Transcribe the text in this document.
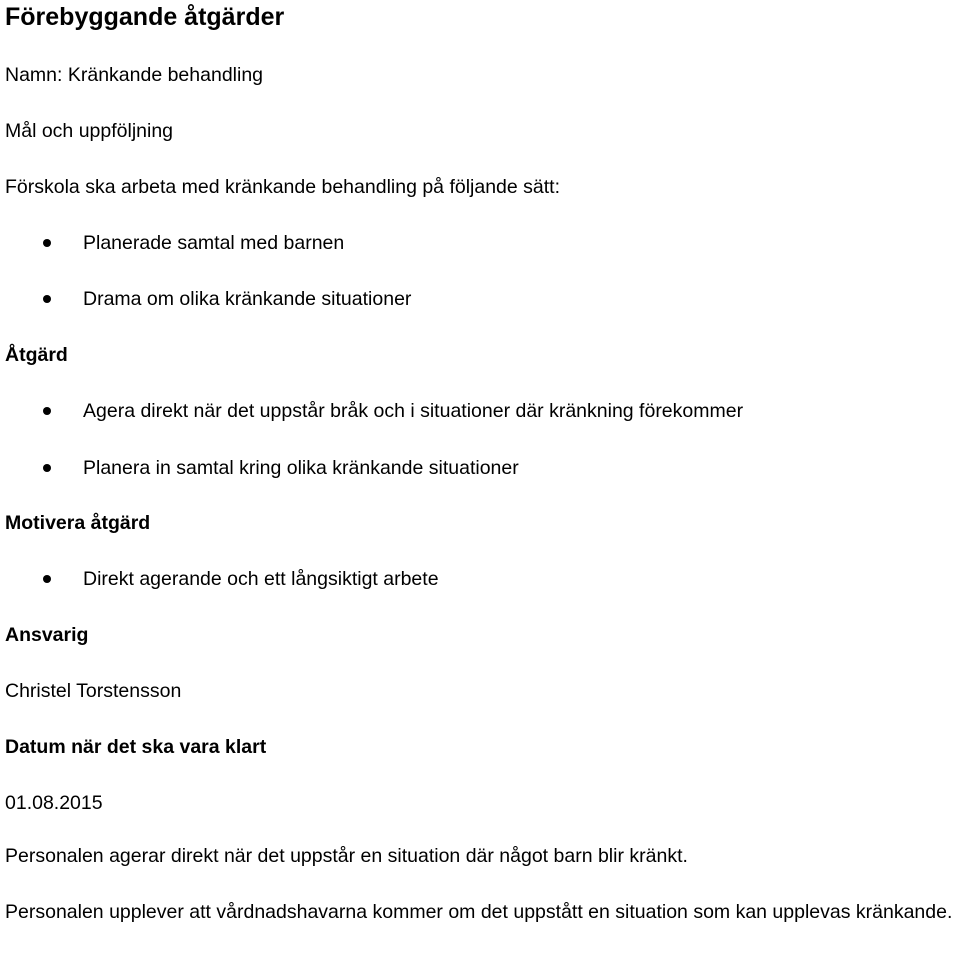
Förebyggande åtgärder
Namn: Kränkande behandling
Mål och uppföljning
Förskola ska arbeta med kränkande behandling på följande sätt:
Planerade samtal med barnen
Drama om olika kränkande situationer
Åtgärd
Agera direkt när det uppstår bråk och i situationer där kränkning förekommer
Planera in samtal kring olika kränkande situationer
Motivera åtgärd
Direkt agerande och ett långsiktigt arbete
Ansvarig
Christel Torstensson
Datum när det ska vara klart
01.08.2015
Personalen agerar direkt när det uppstår en situation där något barn blir kränkt.
Personalen upplever att vårdnadshavarna kommer om det uppstått en situation som kan upplevas kränkande.
